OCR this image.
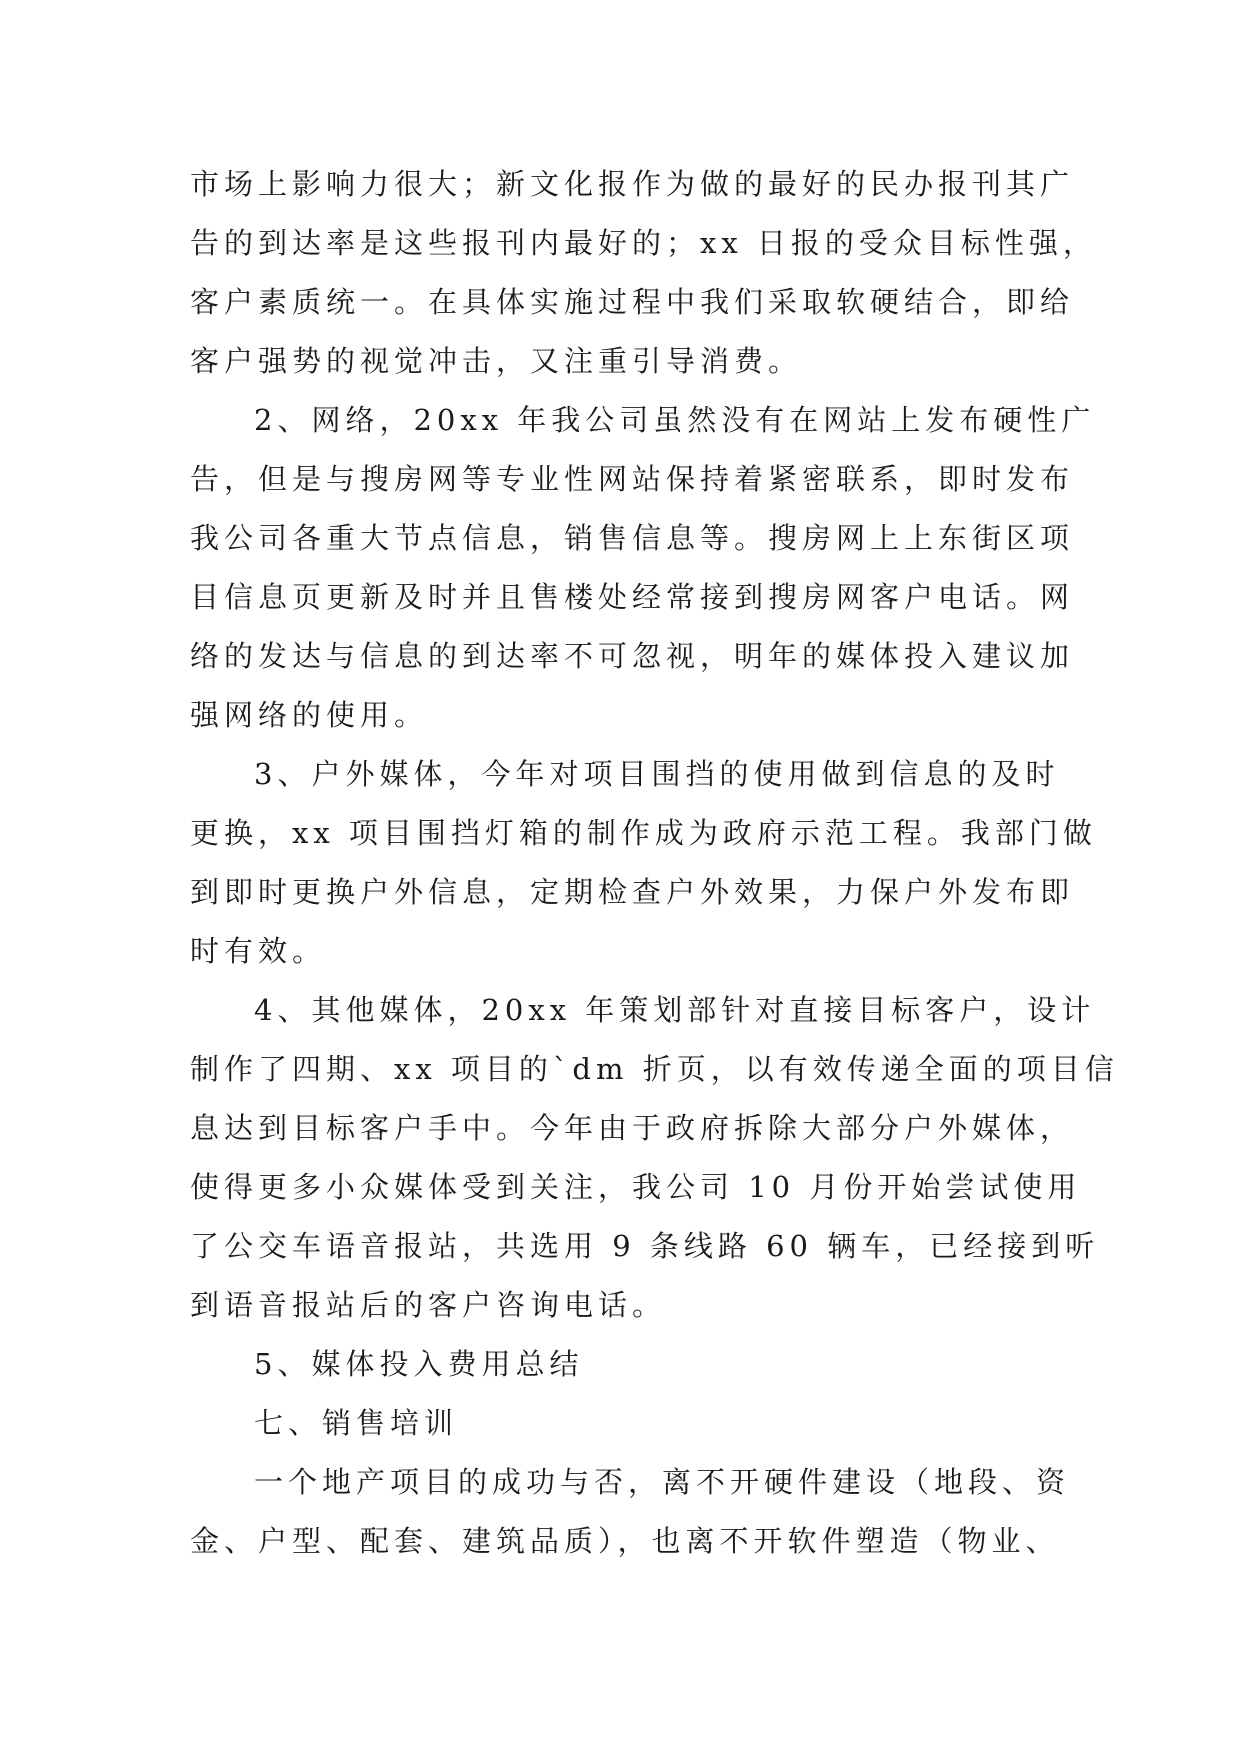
市场上影响力很大；新文化报作为做的最好的民办报刊其广
告的到达率是这些报刊内最好的；xx 日报的受众目标性强，
客户素质统一。在具体实施过程中我们采取软硬结合，即给
客户强势的视觉冲击，又注重引导消费。
2、网络，20xx 年我公司虽然没有在网站上发布硬性广
告，但是与搜房网等专业性网站保持着紧密联系，即时发布
我公司各重大节点信息，销售信息等。搜房网上上东街区项
目信息页更新及时并且售楼处经常接到搜房网客户电话。网
络的发达与信息的到达率不可忽视，明年的媒体投入建议加
强网络的使用。
3、户外媒体，今年对项目围挡的使用做到信息的及时
更换，xx 项目围挡灯箱的制作成为政府示范工程。我部门做
到即时更换户外信息，定期检查户外效果，力保户外发布即
时有效。
4、其他媒体，20xx 年策划部针对直接目标客户，设计
制作了四期、xx 项目的`dm 折页，以有效传递全面的项目信
息达到目标客户手中。今年由于政府拆除大部分户外媒体，
使得更多小众媒体受到关注，我公司 10 月份开始尝试使用
了公交车语音报站，共选用 9 条线路 60 辆车，已经接到听
到语音报站后的客户咨询电话。
5、媒体投入费用总结
七、销售培训
一个地产项目的成功与否，离不开硬件建设（地段、资
金、户型、配套、建筑品质），也离不开软件塑造（物业、
